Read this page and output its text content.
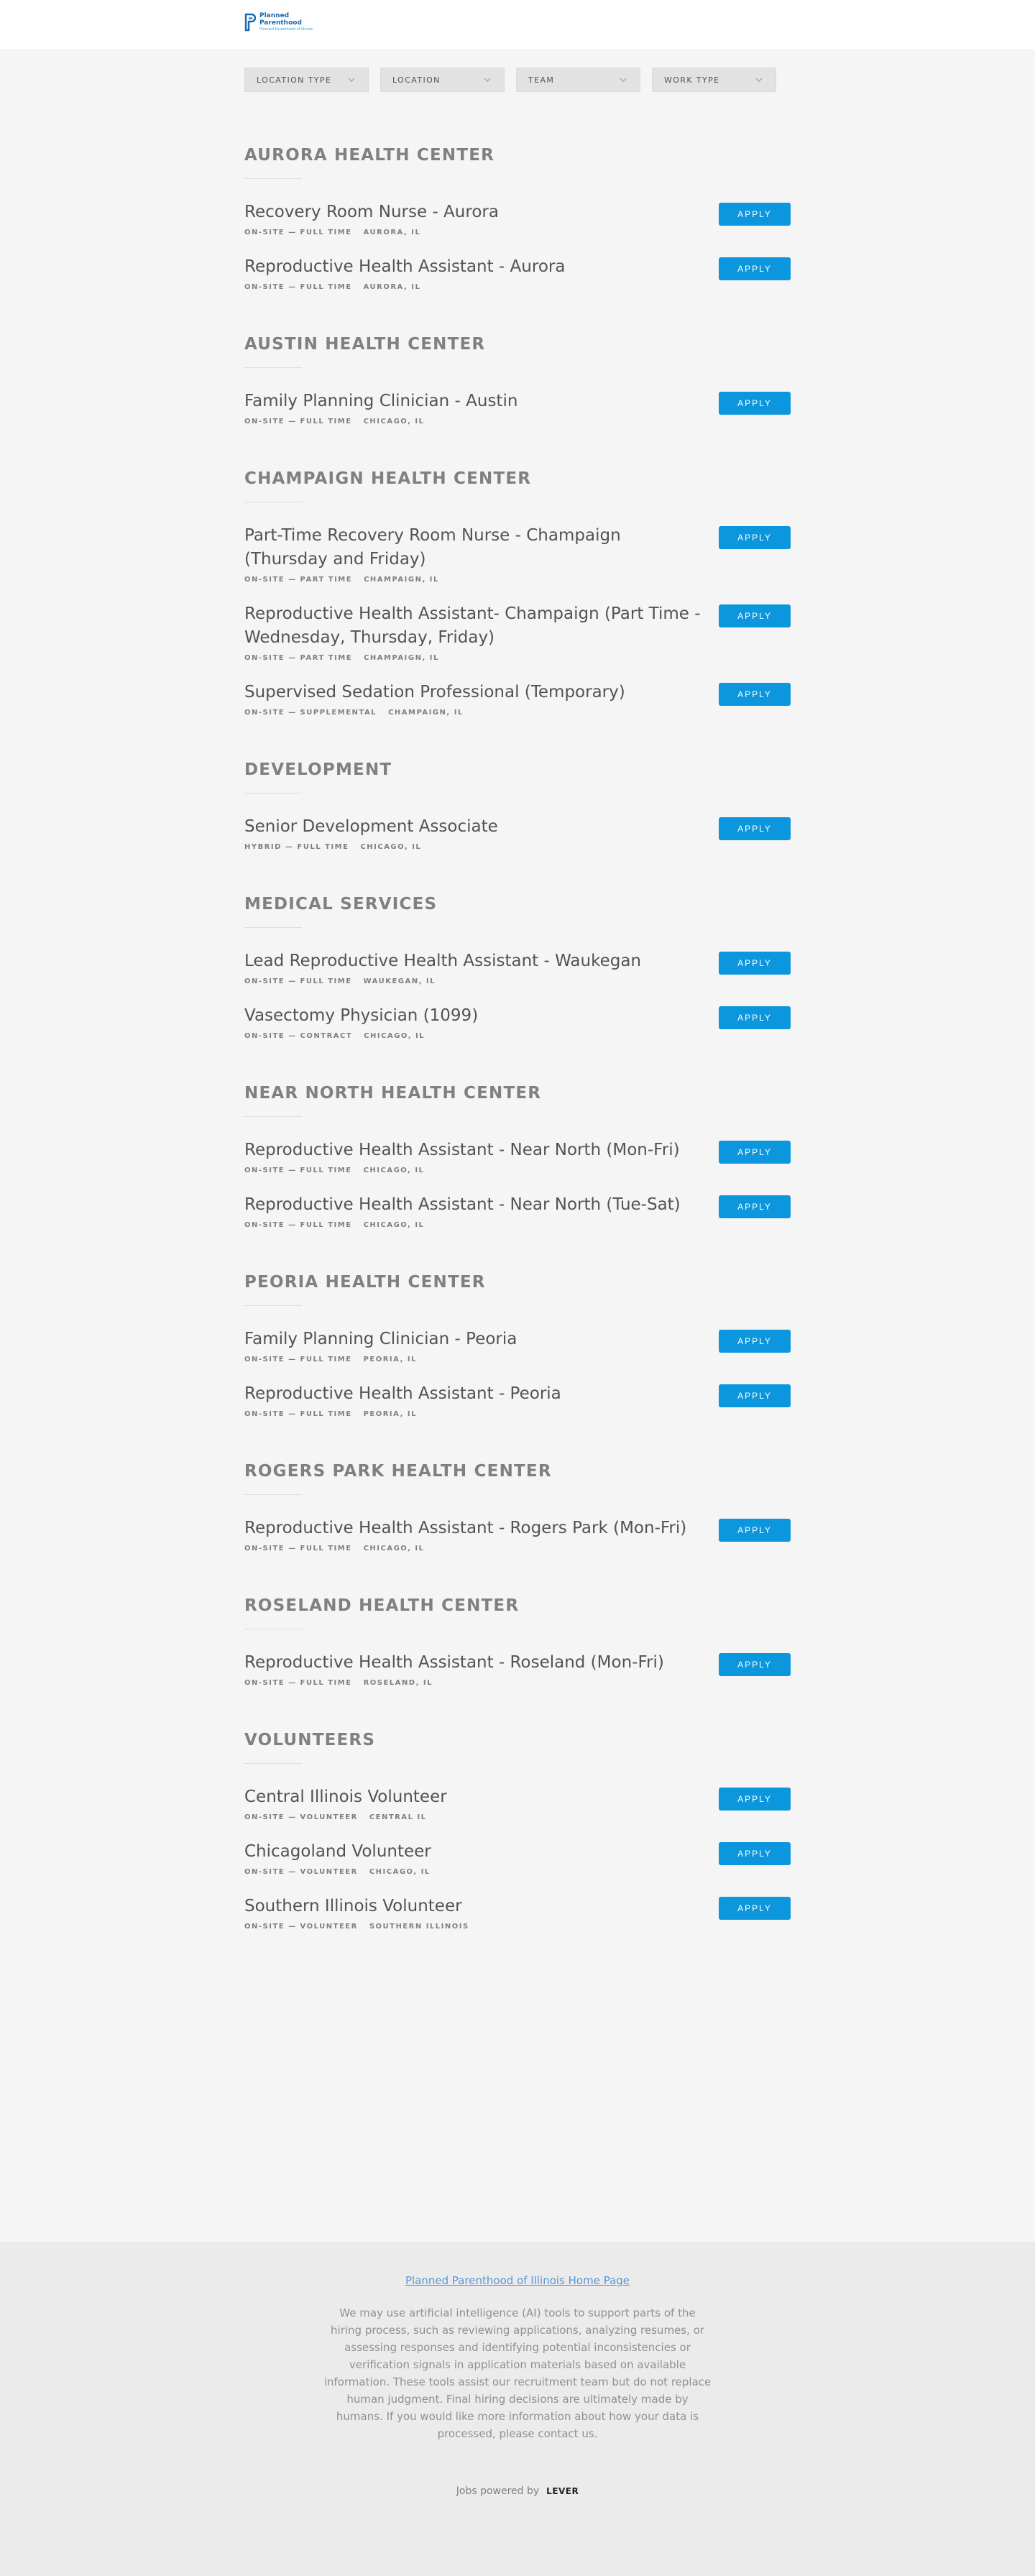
Planned Parenthood
Planned Parenthood of Illinois
LOCATION TYPE	LOCATION	TEAM	WORK TYPE
AURORA HEALTH CENTER
Recovery Room Nurse - Aurora
ON-SITE — FULL TIME AURORA, IL
APPLY
Reproductive Health Assistant - Aurora
ON-SITE — FULL TIME AURORA, IL
APPLY
AUSTIN HEALTH CENTER
Family Planning Clinician - Austin
ON-SITE — FULL TIME CHICAGO, IL
APPLY
CHAMPAIGN HEALTH CENTER
Part-Time Recovery Room Nurse - Champaign (Thursday and Friday)
ON-SITE — PART TIME CHAMPAIGN, IL
APPLY
Reproductive Health Assistant- Champaign (Part Time - Wednesday, Thursday, Friday)
ON-SITE — PART TIME CHAMPAIGN, IL
APPLY
Supervised Sedation Professional (Temporary)
ON-SITE — SUPPLEMENTAL CHAMPAIGN, IL
APPLY
DEVELOPMENT
Senior Development Associate
HYBRID — FULL TIME CHICAGO, IL
APPLY
MEDICAL SERVICES
Lead Reproductive Health Assistant - Waukegan
ON-SITE — FULL TIME WAUKEGAN, IL
APPLY
Vasectomy Physician (1099)
ON-SITE — CONTRACT CHICAGO, IL
APPLY
NEAR NORTH HEALTH CENTER
Reproductive Health Assistant - Near North (Mon-Fri)
ON-SITE — FULL TIME CHICAGO, IL
APPLY
Reproductive Health Assistant - Near North (Tue-Sat)
ON-SITE — FULL TIME CHICAGO, IL
APPLY
PEORIA HEALTH CENTER
Family Planning Clinician - Peoria
ON-SITE — FULL TIME PEORIA, IL
APPLY
Reproductive Health Assistant - Peoria
ON-SITE — FULL TIME PEORIA, IL
APPLY
ROGERS PARK HEALTH CENTER
Reproductive Health Assistant - Rogers Park (Mon-Fri)
ON-SITE — FULL TIME CHICAGO, IL
APPLY
ROSELAND HEALTH CENTER
Reproductive Health Assistant - Roseland (Mon-Fri)
ON-SITE — FULL TIME ROSELAND, IL
APPLY
VOLUNTEERS
Central Illinois Volunteer
ON-SITE — VOLUNTEER CENTRAL IL
APPLY
Chicagoland Volunteer
ON-SITE — VOLUNTEER CHICAGO, IL
APPLY
Southern Illinois Volunteer
ON-SITE — VOLUNTEER SOUTHERN ILLINOIS
APPLY
Planned Parenthood of Illinois Home Page

We may use artificial intelligence (AI) tools to support parts of the hiring process, such as reviewing applications, analyzing resumes, or assessing responses and identifying potential inconsistencies or verification signals in application materials based on available information. These tools assist our recruitment team but do not replace human judgment. Final hiring decisions are ultimately made by humans. If you would like more information about how your data is processed, please contact us.

Jobs powered by LEVER
